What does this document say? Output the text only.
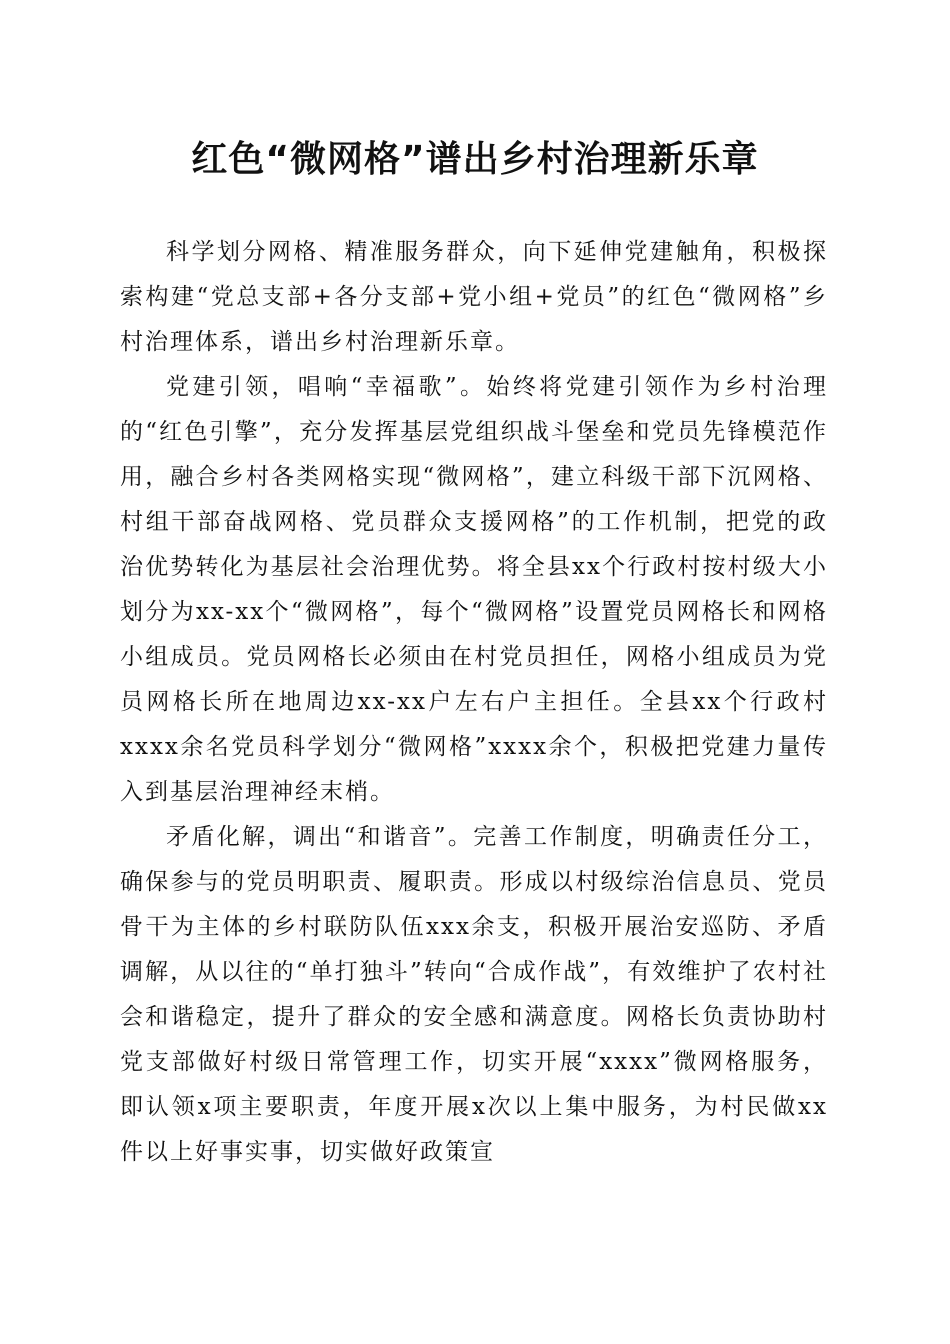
红色“微网格”谱出乡村治理新乐章

科学划分网格、精准服务群众，向下延伸党建触角，积极探索构建“党总支部+各分支部+党小组+党员”的红色“微网格”乡村治理体系，谱出乡村治理新乐章。

党建引领，唱响“幸福歌”。始终将党建引领作为乡村治理的“红色引擎”，充分发挥基层党组织战斗堡垒和党员先锋模范作用，融合乡村各类网格实现“微网格”，建立科级干部下沉网格、村组干部奋战网格、党员群众支援网格”的工作机制，把党的政治优势转化为基层社会治理优势。将全县xx个行政村按村级大小划分为xx-xx个“微网格”，每个“微网格”设置党员网格长和网格小组成员。党员网格长必须由在村党员担任，网格小组成员为党员网格长所在地周边xx-xx户左右户主担任。全县xx个行政村xxxx余名党员科学划分“微网格”xxxx余个，积极把党建力量传入到基层治理神经末梢。

矛盾化解，调出“和谐音”。完善工作制度，明确责任分工，确保参与的党员明职责、履职责。形成以村级综治信息员、党员骨干为主体的乡村联防队伍xxx余支，积极开展治安巡防、矛盾调解，从以往的“单打独斗”转向“合成作战”，有效维护了农村社会和谐稳定，提升了群众的安全感和满意度。网格长负责协助村党支部做好村级日常管理工作，切实开展“xxxx”微网格服务，即认领x项主要职责，年度开展x次以上集中服务，为村民做xx件以上好事实事，切实做好政策宣
